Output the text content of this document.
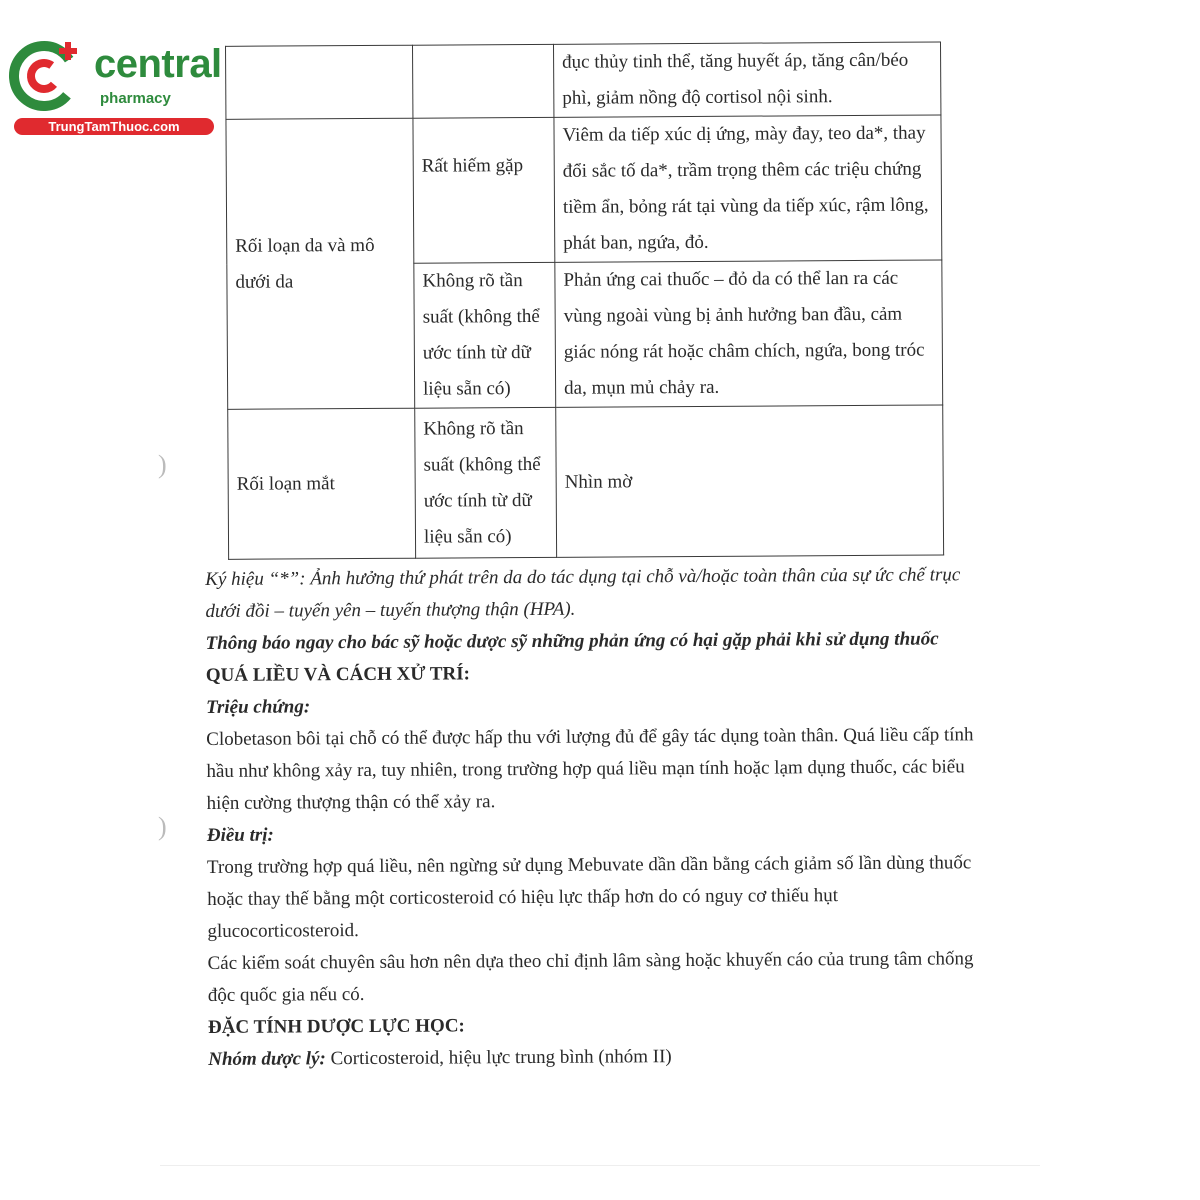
central
pharmacy
TrungTamThuoc.com
		đục thủy tinh thể, tăng huyết áp, tăng cân/béo phì, giảm nồng độ cortisol nội sinh.
Rối loạn da và mô dưới da	Rất hiếm gặp	Viêm da tiếp xúc dị ứng, mày đay, teo da*, thay đổi sắc tố da*, trầm trọng thêm các triệu chứng tiềm ẩn, bỏng rát tại vùng da tiếp xúc, rậm lông, phát ban, ngứa, đỏ.
	Không rõ tần suất (không thể ước tính từ dữ liệu sẵn có)	Phản ứng cai thuốc – đỏ da có thể lan ra các vùng ngoài vùng bị ảnh hưởng ban đầu, cảm giác nóng rát hoặc châm chích, ngứa, bong tróc da, mụn mủ chảy ra.
Rối loạn mắt	Không rõ tần suất (không thể ước tính từ dữ liệu sẵn có)	Nhìn mờ

Ký hiệu “*”: Ảnh hưởng thứ phát trên da do tác dụng tại chỗ và/hoặc toàn thân của sự ức chế trục dưới đồi – tuyến yên – tuyến thượng thận (HPA).

Thông báo ngay cho bác sỹ hoặc dược sỹ những phản ứng có hại gặp phải khi sử dụng thuốc

QUÁ LIỀU VÀ CÁCH XỬ TRÍ:

Triệu chứng:

Clobetason bôi tại chỗ có thể được hấp thu với lượng đủ để gây tác dụng toàn thân. Quá liều cấp tính hầu như không xảy ra, tuy nhiên, trong trường hợp quá liều mạn tính hoặc lạm dụng thuốc, các biểu hiện cường thượng thận có thể xảy ra.

Điều trị:

Trong trường hợp quá liều, nên ngừng sử dụng Mebuvate dần dần bằng cách giảm số lần dùng thuốc hoặc thay thế bằng một corticosteroid có hiệu lực thấp hơn do có nguy cơ thiếu hụt glucocorticosteroid.

Các kiểm soát chuyên sâu hơn nên dựa theo chỉ định lâm sàng hoặc khuyến cáo của trung tâm chống độc quốc gia nếu có.

ĐẶC TÍNH DƯỢC LỰC HỌC:

Nhóm dược lý: Corticosteroid, hiệu lực trung bình (nhóm II)

)
)
